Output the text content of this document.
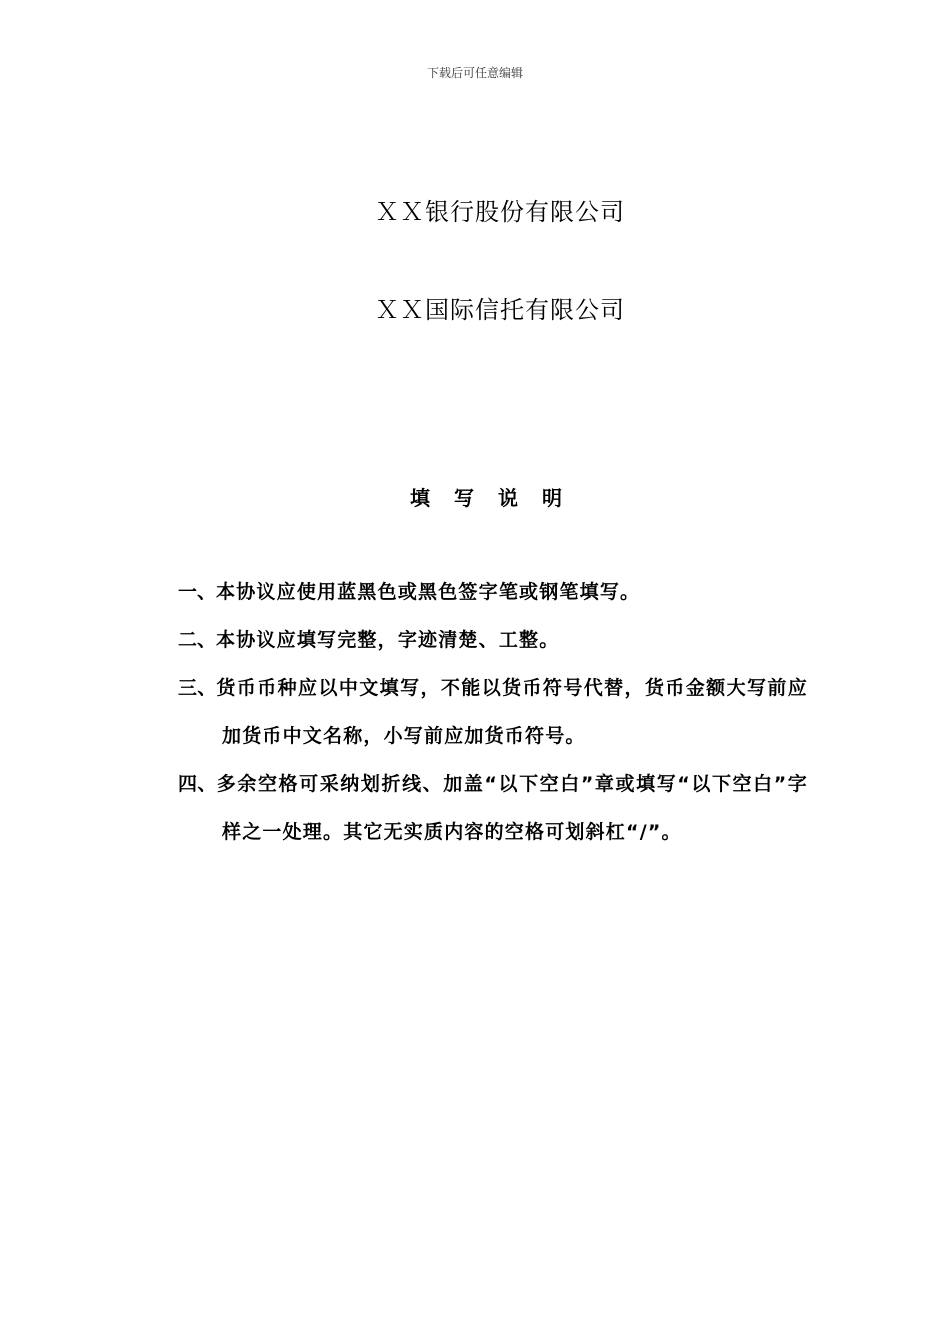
下载后可任意编辑
ＸＸ银行股份有限公司
ＸＸ国际信托有限公司
填写说明

一、本协议应使用蓝黑色或黑色签字笔或钢笔填写。

二、本协议应填写完整，字迹清楚、工整。

三、货币币种应以中文填写，不能以货币符号代替，货币金额大写前应加货币中文名称，小写前应加货币符号。

四、多余空格可采纳划折线、加盖“以下空白”章或填写“以下空白”字样之一处理。其它无实质内容的空格可划斜杠“/”。
